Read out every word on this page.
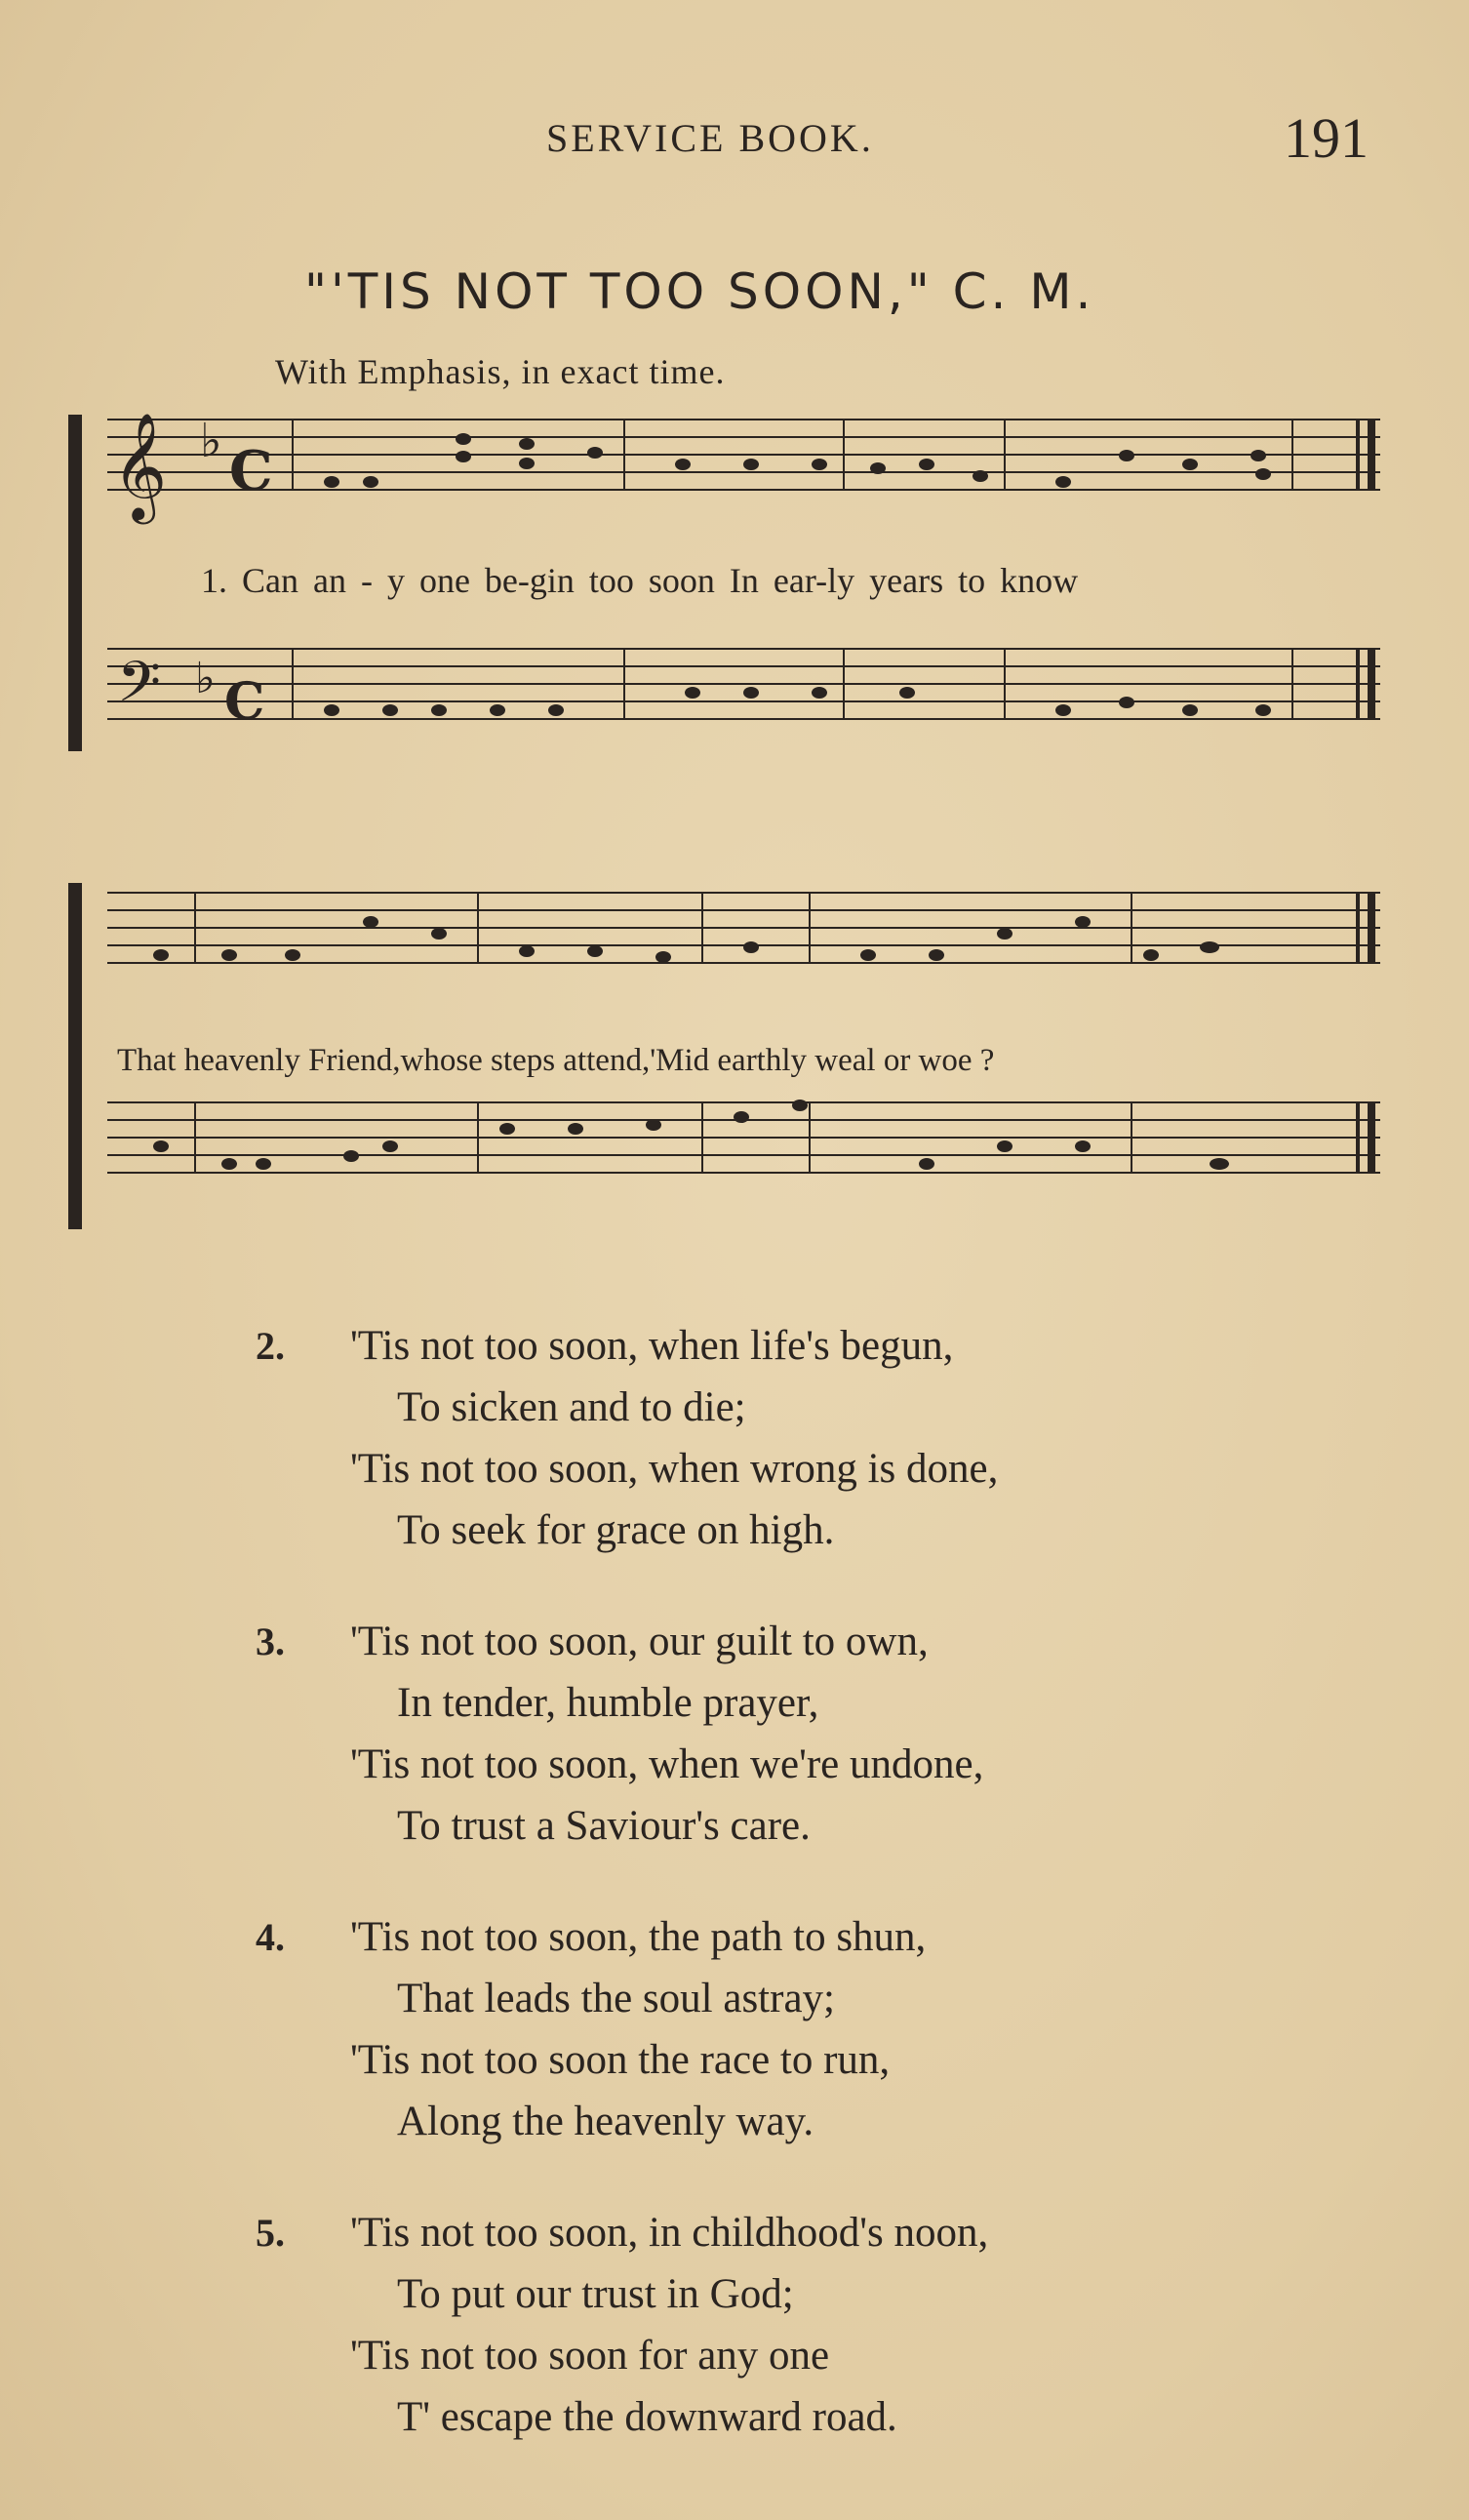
SERVICE BOOK.	191
"'TIS NOT TOO SOON," C. M.
With Emphasis, in exact time.
𝄞 ♭ C
𝄢 ♭ C
1. Can an - y one be-gin too soon In ear-ly years to know
That heavenly Friend,whose steps attend,'Mid earthly weal or woe ?
2.	'Tis not too soon, when life's begun,
To sicken and to die;
'Tis not too soon, when wrong is done,
To seek for grace on high.
3.	'Tis not too soon, our guilt to own,
In tender, humble prayer,
'Tis not too soon, when we're undone,
To trust a Saviour's care.
4.	'Tis not too soon, the path to shun,
That leads the soul astray;
'Tis not too soon the race to run,
Along the heavenly way.
5.	'Tis not too soon, in childhood's noon,
To put our trust in God;
'Tis not too soon for any one
T' escape the downward road.
